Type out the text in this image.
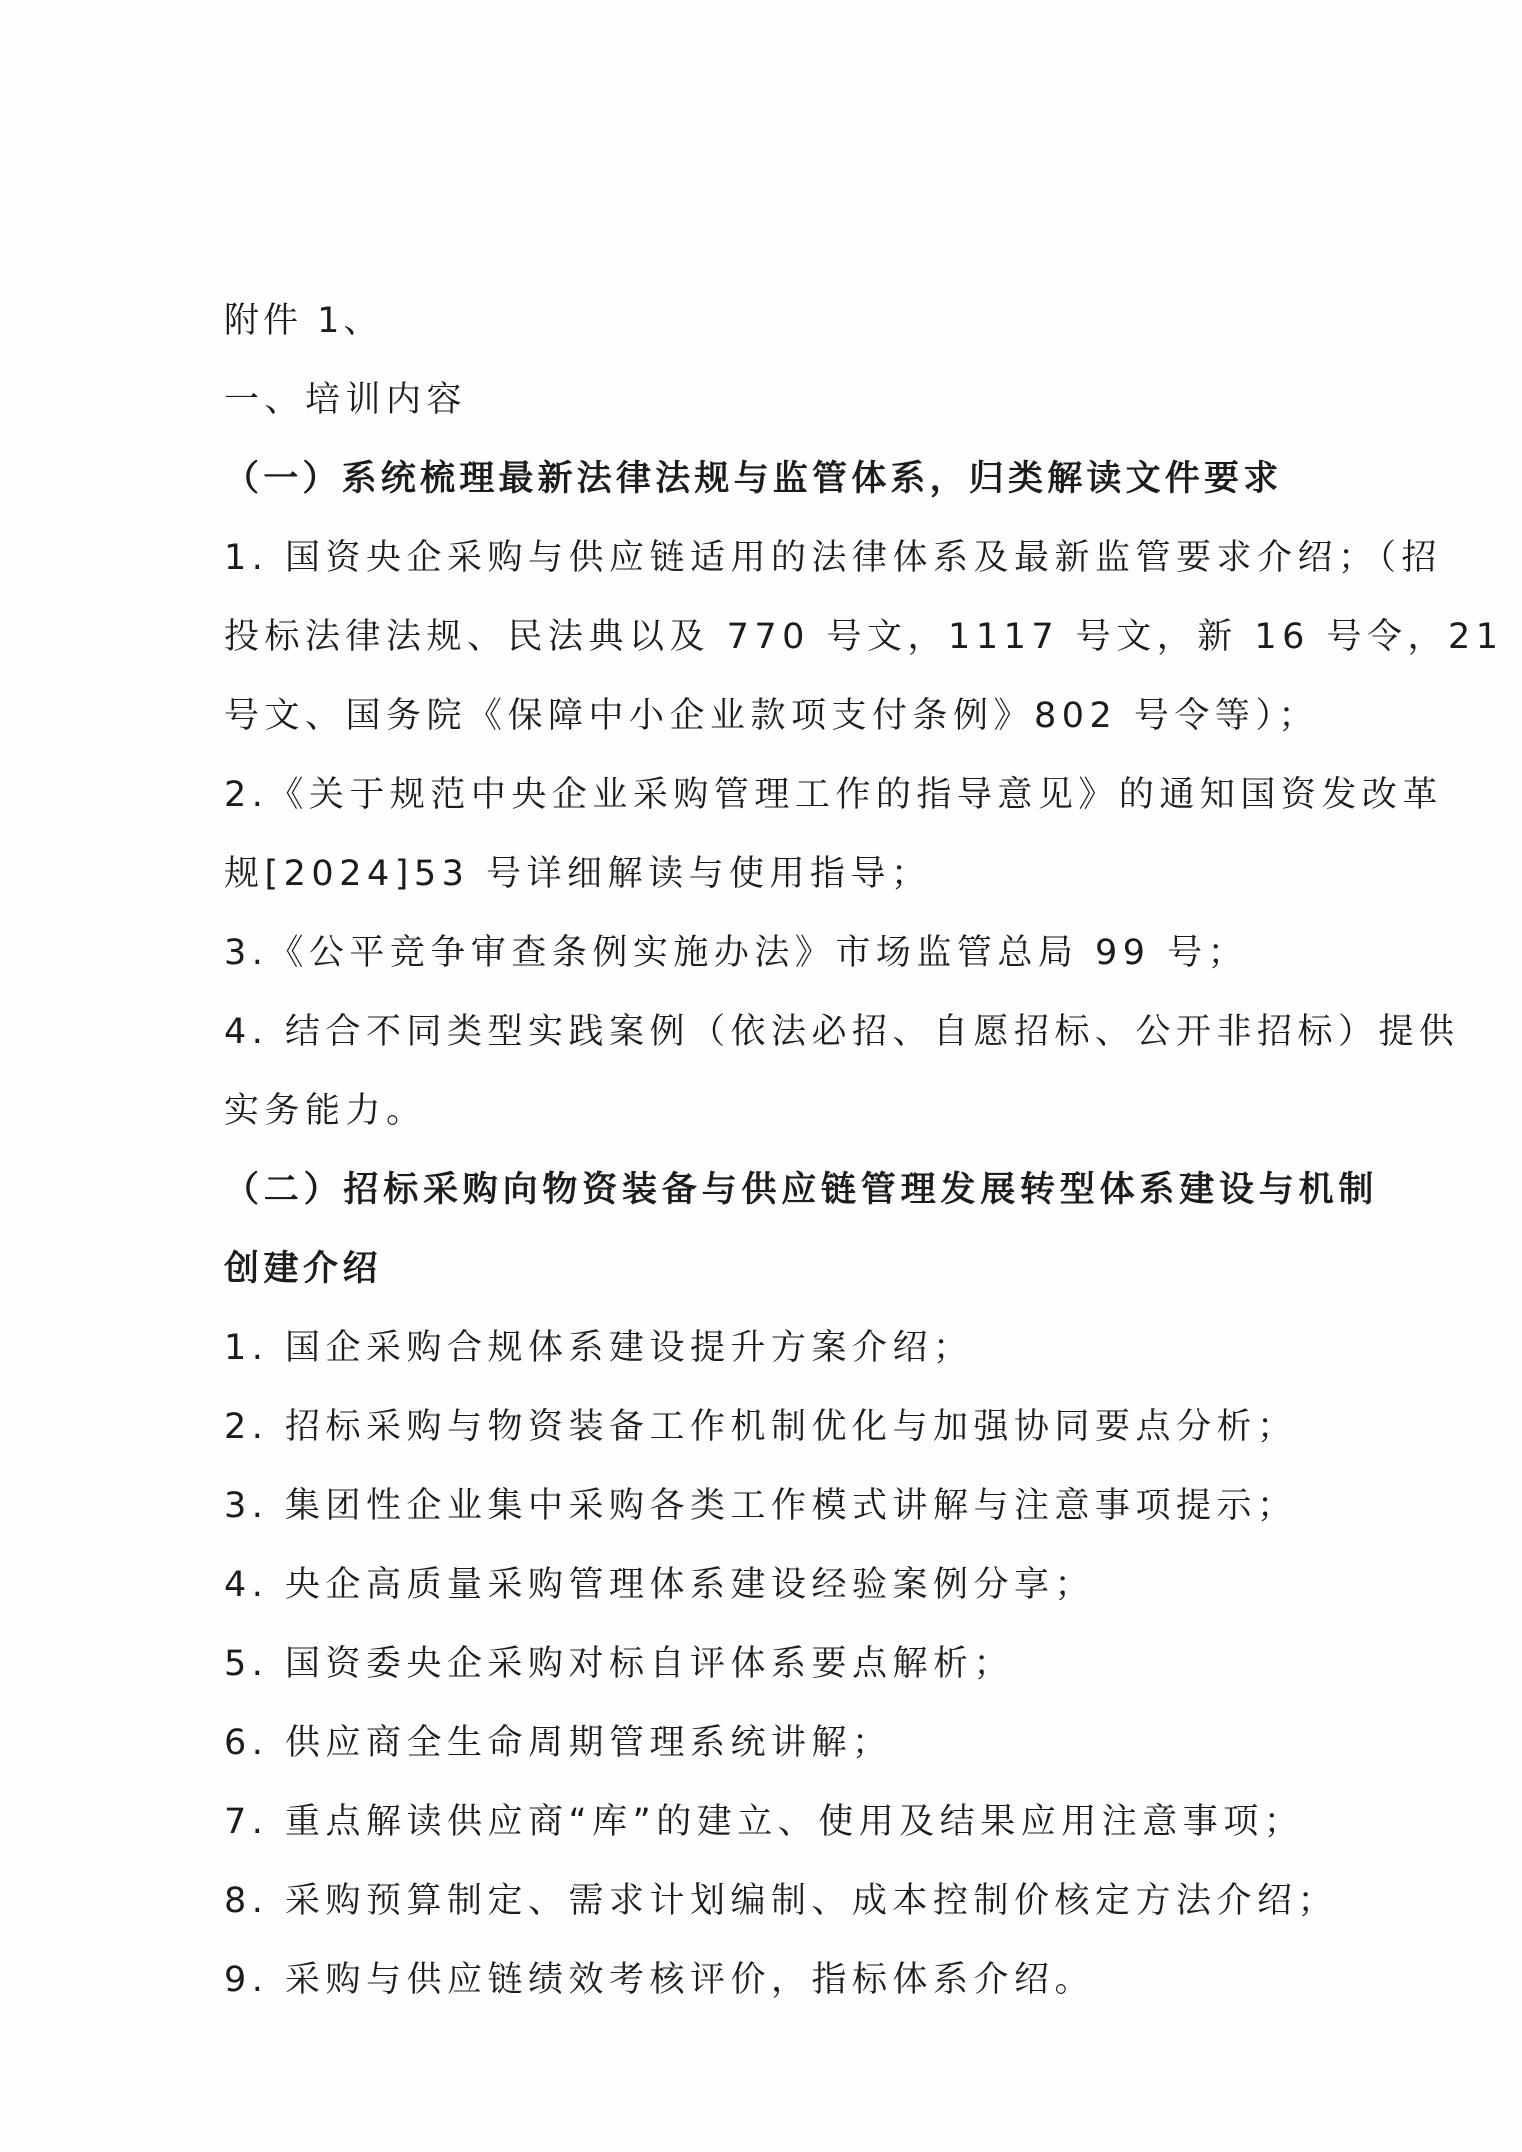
附件 1、
一、培训内容
（一）系统梳理最新法律法规与监管体系，归类解读文件要求
1. 国资央企采购与供应链适用的法律体系及最新监管要求介绍；（招
投标法律法规、民法典以及 770 号文，1117 号文，新 16 号令，21
号文、国务院《保障中小企业款项支付条例》802 号令等）；
2.《关于规范中央企业采购管理工作的指导意见》的通知国资发改革
规[2024]53 号详细解读与使用指导；
3.《公平竞争审查条例实施办法》市场监管总局 99 号；
4. 结合不同类型实践案例（依法必招、自愿招标、公开非招标）提供
实务能力。
（二）招标采购向物资装备与供应链管理发展转型体系建设与机制
创建介绍
1. 国企采购合规体系建设提升方案介绍；
2. 招标采购与物资装备工作机制优化与加强协同要点分析；
3. 集团性企业集中采购各类工作模式讲解与注意事项提示；
4. 央企高质量采购管理体系建设经验案例分享；
5. 国资委央企采购对标自评体系要点解析；
6. 供应商全生命周期管理系统讲解；
7. 重点解读供应商“库”的建立、使用及结果应用注意事项；
8. 采购预算制定、需求计划编制、成本控制价核定方法介绍；
9. 采购与供应链绩效考核评价，指标体系介绍。
